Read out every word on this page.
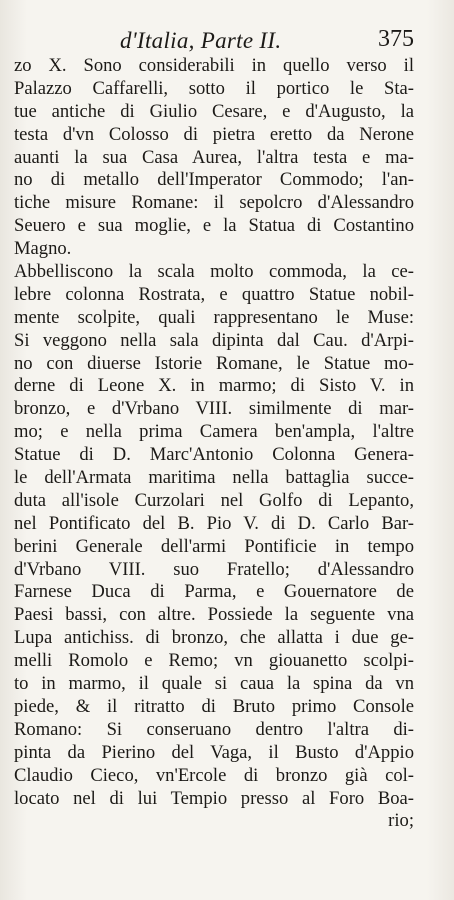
d'Italia, Parte II.	375
zo X. Sono considerabili in quello verso il
Palazzo Caffarelli, sotto il portico le Sta-
tue antiche di Giulio Cesare, e d'Augusto, la
testa d'vn Colosso di pietra eretto da Nerone
auanti la sua Casa Aurea, l'altra testa e ma-
no di metallo dell'Imperator Commodo; l'an-
tiche misure Romane: il sepolcro d'Alessandro
Seuero e sua moglie, e la Statua di Costantino
Magno.
Abbelliscono la scala molto commoda, la ce-
lebre colonna Rostrata, e quattro Statue nobil-
mente scolpite, quali rappresentano le Muse:
Si veggono nella sala dipinta dal Cau. d'Arpi-
no con diuerse Istorie Romane, le Statue mo-
derne di Leone X. in marmo; di Sisto V. in
bronzo, e d'Vrbano VIII. similmente di mar-
mo; e nella prima Camera ben'ampla, l'altre
Statue di D. Marc'Antonio Colonna Genera-
le dell'Armata maritima nella battaglia succe-
duta all'isole Curzolari nel Golfo di Lepanto,
nel Pontificato del B. Pio V. di D. Carlo Bar-
berini Generale dell'armi Pontificie in tempo
d'Vrbano VIII. suo Fratello; d'Alessandro
Farnese Duca di Parma, e Gouernatore de
Paesi bassi, con altre. Possiede la seguente vna
Lupa antichiss. di bronzo, che allatta i due ge-
melli Romolo e Remo; vn giouanetto scolpi-
to in marmo, il quale si caua la spina da vn
piede, & il ritratto di Bruto primo Console
Romano: Si conseruano dentro l'altra di-
pinta da Pierino del Vaga, il Busto d'Appio
Claudio Cieco, vn'Ercole di bronzo già col-
locato nel di lui Tempio presso al Foro Boa-
rio;
